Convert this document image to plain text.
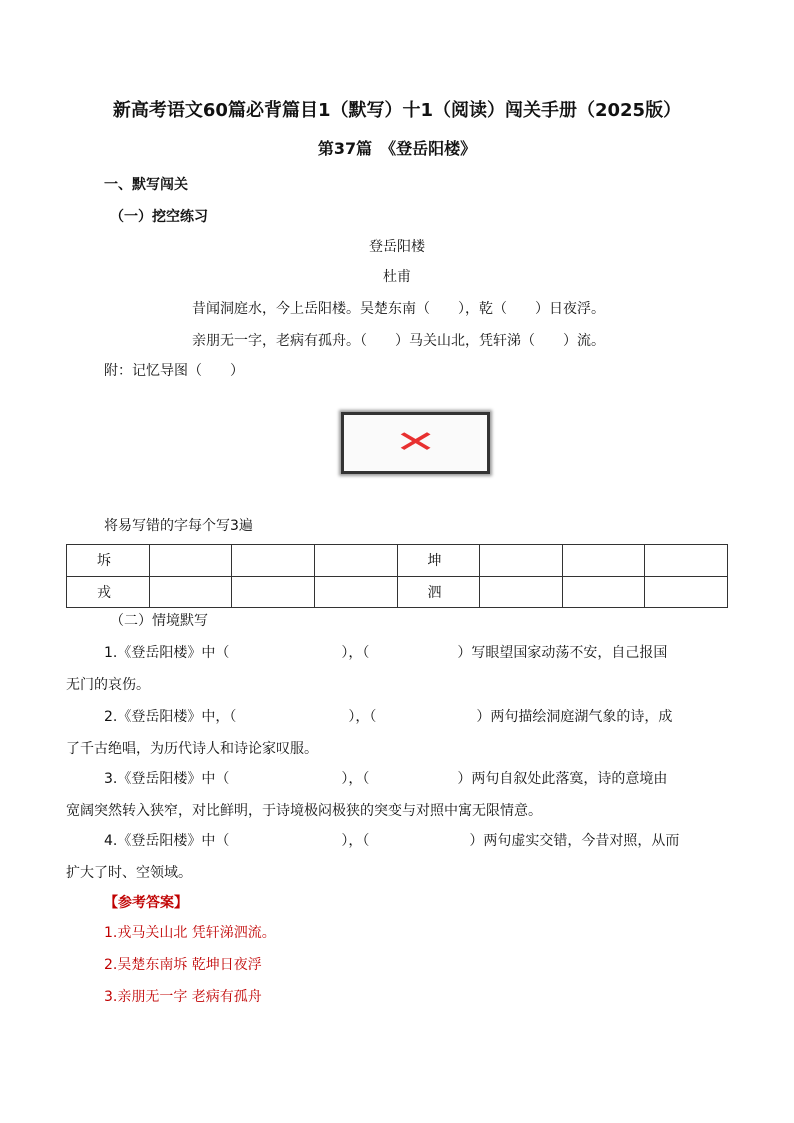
新高考语文60篇必背篇目1（默写）十1（阅读）闯关手册（2025版）
第37篇　《登岳阳楼》
一、默写闯关
（一）挖空练习
登岳阳楼
杜甫
昔闻洞庭水，今上岳阳楼。吴楚东南（　　），乾（　　）日夜浮。
亲朋无一字，老病有孤舟。（　　）马关山北，凭轩涕（　　）流。
附：记忆导图（　　）
✕
将易写错的字每个写3遍
坼				坤			
戎				泗			
（二）情境默写
1.《登岳阳楼》中（	），（	）写眼望国家动荡不安，自己报国
无门的哀伤。
2.《登岳阳楼》中，（	），（	）两句描绘洞庭湖气象的诗，成
了千古绝唱，为历代诗人和诗论家叹服。
3.《登岳阳楼》中（	），（	）两句自叙处此落寞，诗的意境由
宽阔突然转入狭窄，对比鲜明，于诗境极闷极狭的突变与对照中寓无限情意。
4.《登岳阳楼》中（	），（	）两句虚实交错，今昔对照，从而
扩大了时、空领域。
【参考答案】
1.戎马关山北 凭轩涕泗流。
2.吴楚东南坼 乾坤日夜浮
3.亲朋无一字 老病有孤舟
